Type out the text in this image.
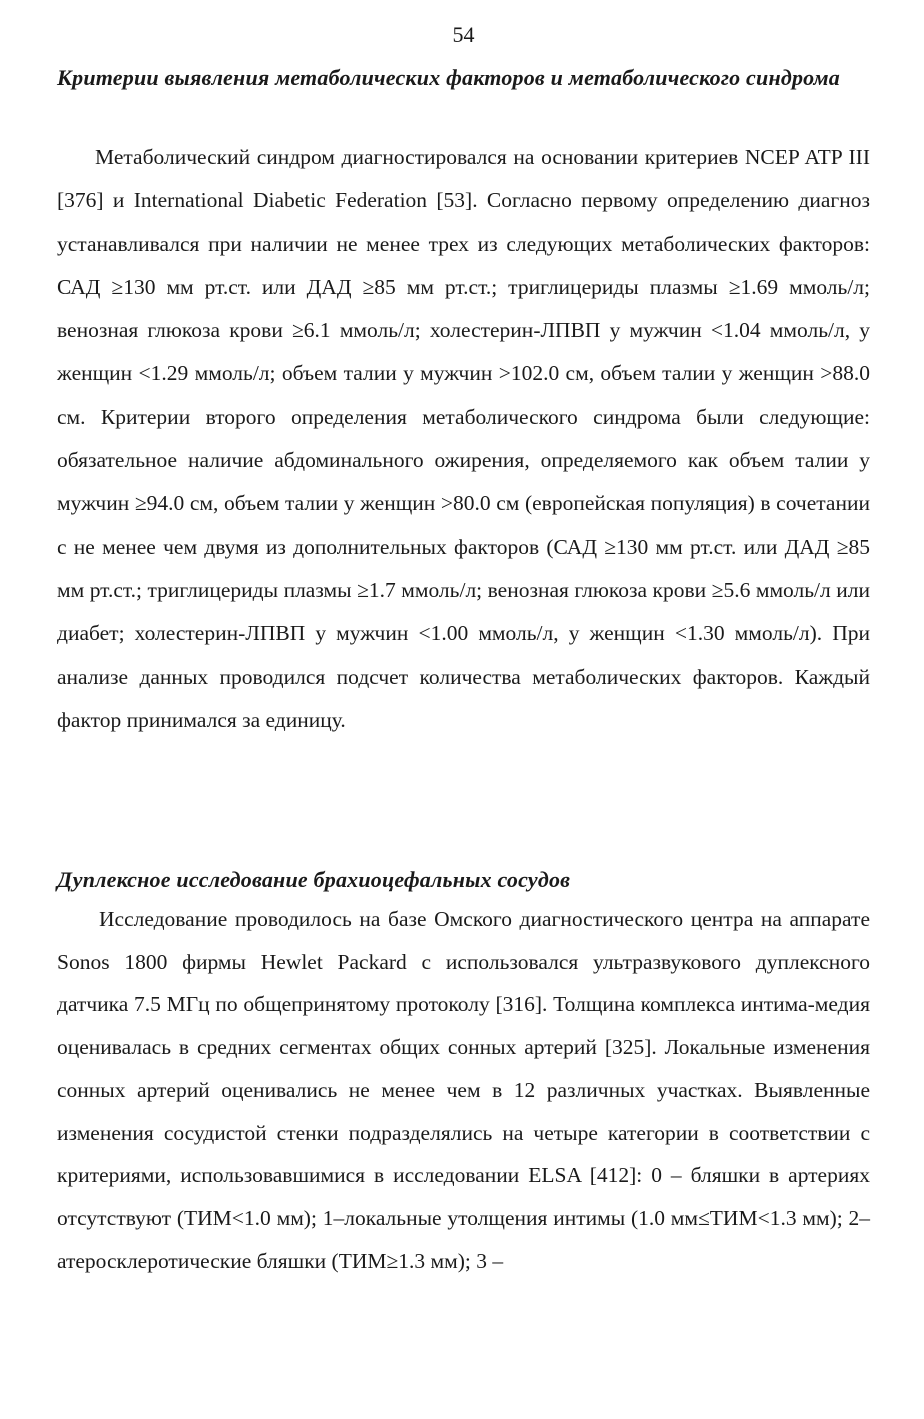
54
Критерии выявления метаболических факторов и метаболического синдрома

Метаболический синдром диагностировался на основании критериев NCEP ATP III [376] и International Diabetic Federation [53]. Согласно первому определению диагноз устанавливался при наличии не менее трех из следующих метаболических факторов: САД ≥130 мм рт.ст. или ДАД ≥85 мм рт.ст.; триглицериды плазмы ≥1.69 ммоль/л; венозная глюкоза крови ≥6.1 ммоль/л; холестерин-ЛПВП у мужчин <1.04 ммоль/л, у женщин <1.29 ммоль/л; объем талии у мужчин >102.0 см, объем талии у женщин >88.0 см. Критерии второго определения метаболического синдрома были следующие: обязательное наличие абдоминального ожирения, определяемого как объем талии у мужчин ≥94.0 см, объем талии у женщин >80.0 см (европейская популяция) в сочетании с не менее чем двумя из дополнительных факторов (САД ≥130 мм рт.ст. или ДАД ≥85 мм рт.ст.; триглицериды плазмы ≥1.7 ммоль/л; венозная глюкоза крови ≥5.6 ммоль/л или диабет; холестерин-ЛПВП у мужчин <1.00 ммоль/л, у женщин <1.30 ммоль/л). При анализе данных проводился подсчет количества метаболических факторов. Каждый фактор принимался за единицу.

Дуплексное исследование брахиоцефальных сосудов

Исследование проводилось на базе Омского диагностического центра на аппарате Sonos 1800 фирмы Hewlet Packard с использовался ультразвукового дуплексного датчика 7.5 МГц по общепринятому протоколу [316]. Толщина комплекса интима-медия оценивалась в средних сегментах общих сонных артерий [325]. Локальные изменения сонных артерий оценивались не менее чем в 12 различных участках. Выявленные изменения сосудистой стенки подразделялись на четыре категории в соответствии с критериями, использовавшимися в исследовании ELSA [412]: 0 – бляшки в артериях отсутствуют (ТИМ<1.0 мм); 1–локальные утолщения интимы (1.0 мм≤ТИМ<1.3 мм); 2–атеросклеротические бляшки (ТИМ≥1.3 мм); 3 –
